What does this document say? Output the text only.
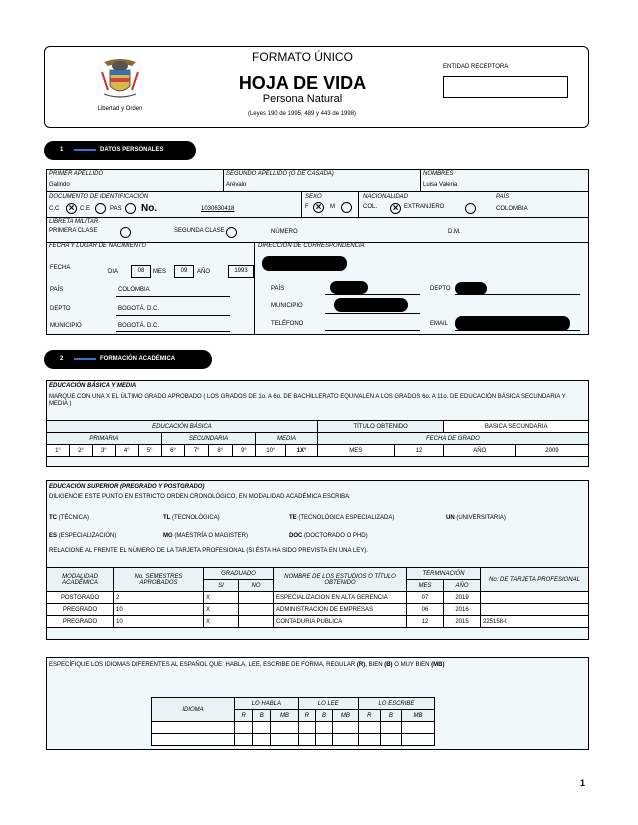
Libertad y Orden
FORMATO ÚNICO
HOJA DE VIDA
Persona Natural
(Leyes 190 de 1995, 489 y 443 de 1998)
ENTIDAD RECEPTORA
1	DATOS PERSONALES
PRIMER APELLIDO
Galindo
SEGUNDO APELLIDO (O DE CASADA)
Arévalo
NOMBRES
Luisa Valeria
DOCUMENTO DE IDENTIFICACIÓN
C.C × C.E	PAS No.	1030630418
SEXO
F ×	M
NACIONALIDAD
COL. × EXTRANJERO
PAÍS
COLOMBIA
LIBRETA MILITAR
PRIMERA CLASE	SEGUNDA CLASE	NÚMERO	D.M.
FECHA Y LUGAR DE NACIMIENTO
FECHA
DIA	08	MES	09	AÑO	1993
PAÍS	COLOMBIA
DEPTO	BOGOTÁ. D.C.
MUNICIPIO	BOGOTÁ. D.C.
DIRECCIÓN DE CORRESPONDENCIA
PAÍS	DEPTO
MUNICIPIO
TELÉFONO	EMAIL
2	FORMACIÓN ACADÉMICA
EDUCACIÓN BÁSICA Y MEDIA
MARQUE CON UNA X EL ÚLTIMO GRADO APROBADO ( LOS GRADOS DE 1o. A 6o. DE BACHILLERATO EQUIVALEN A LOS GRADOS 6o. A 11o. DE EDUCACIÓN BÁSICA SECUNDARIA Y MEDIA )
EDUCACIÓN BÁSICA											TÍTULO OBTENIDO		BASICA SECUNDARIA	
PRIMARIA					SECUNDARIA				MEDIA		FECHA DE GRADO			
1°	2°	3°	4°	5°	6°	7°	8°	9°	10°	1X°	MES	12	AÑO	2009
EDUCACIÓN SUPERIOR (PREGRADO Y POSTGRADO)
DILIGENCIE ESTE PUNTO EN ESTRICTO ORDEN CRONOLÓGICO, EN MODALIDAD ACADÉMICA ESCRIBA:
TC (TÉCNICA)	TL (TECNOLÓGICA)	TE (TECNOLÓGICA ESPECIALIZADA)	UN (UNIVERSITARIA)
ES (ESPECIALIZACIÓN)	MG (MAESTRÍA O MAGISTER)	DOC (DOCTORADO O PHD)
RELACIONE AL FRENTE EL NÚMERO DE LA TARJETA PROFESIONAL (SI ÉSTA HA SIDO PREVISTA EN UNA LEY).
MODALIDAD ACADÉMICA	No. SEMESTRES APROBADOS	GRADUADO		NOMBRE DE LOS ESTUDIOS O TÍTULO OBTENIDO	TERMINACIÓN		No. DE TARJETA PROFESIONAL
		SI	NO		MES	AÑO	
POSTGRADO	2	X		ESPECIALIZACION EN ALTA GERENCIA	07	2019	
PREGRADO	10	X		ADMINISTRACION DE EMPRESAS	06	2016	
PREGRADO	10	X		CONTADURIA PUBLICA	12	2015	225158-t
ESPECÍFIQUE LOS IDIOMAS DIFERENTES AL ESPAÑOL QUE: HABLA, LEE, ESCRIBE DE FORMA, REGULAR (R), BIEN (B) O MUY BIEN (MB)
IDIOMA	LO HABLA			LO LEE			LO ESCRIBE		
	R	B	MB	R	B	MB	R	B	MB

1
